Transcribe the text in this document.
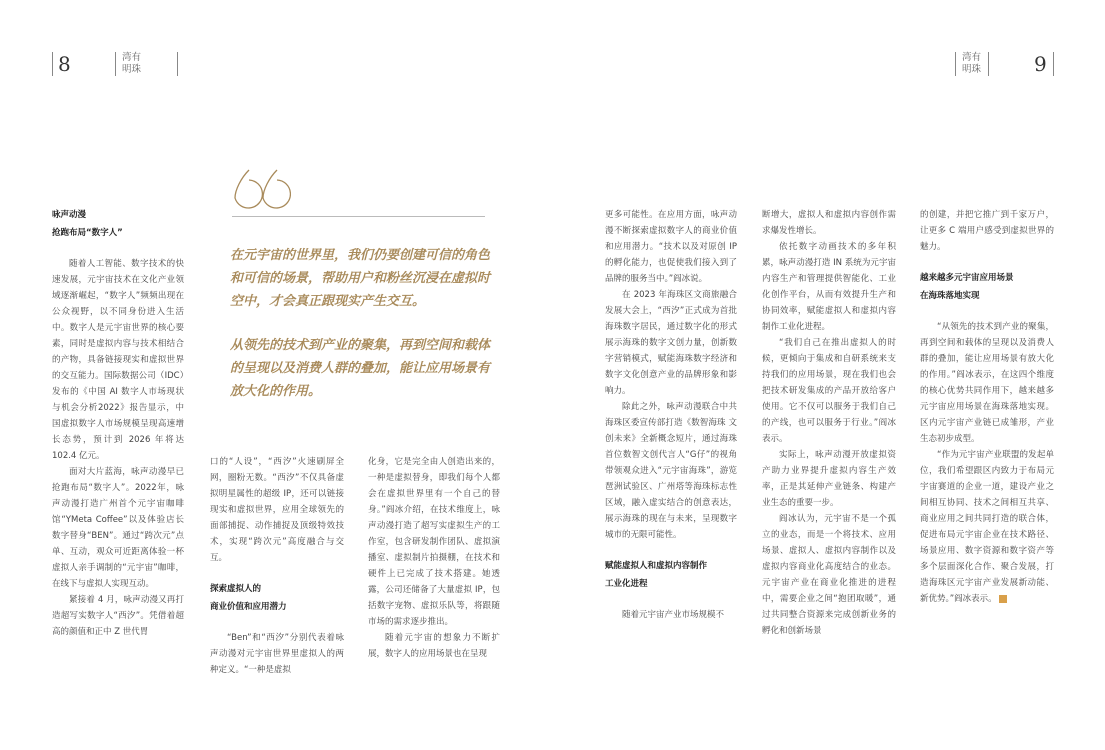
8	湾有
明珠
湾有
明珠	9

在元宇宙的世界里，我们仍要创建可信的角色和可信的场景，帮助用户和粉丝沉浸在虚拟时空中，才会真正跟现实产生交互。

从领先的技术到产业的聚集，再到空间和载体的呈现以及消费人群的叠加，能让应用场景有放大化的作用。

咏声动漫
抢跑布局“数字人”

随着人工智能、数字技术的快速发展，元宇宙技术在文化产业领域逐渐崛起，“数字人”频频出现在公众视野，以不同身份进入生活中。数字人是元宇宙世界的核心要素，同时是虚拟内容与技术相结合的产物，具备链接现实和虚拟世界的交互能力。国际数据公司（IDC）发布的《中国 AI 数字人市场现状与机会分析2022》报告显示，中国虚拟数字人市场规模呈现高速增长态势，预计到 2026 年将达 102.4 亿元。

面对大片蓝海，咏声动漫早已抢跑布局“数字人”。2022年，咏声动漫打造广州首个元宇宙咖啡馆“YMeta Coffee”以及体验店长数字替身“BEN”。通过“跨次元”点单、互动，观众可近距离体验一杯虚拟人亲手调制的“元宇宙”咖啡，在线下与虚拟人实现互动。

紧接着 4 月，咏声动漫又再打造超写实数字人“西汐”。凭借着超高的颜值和正中 Z 世代胃

口的“人设”，“西汐”火速刷屏全网，圈粉无数。“西汐”不仅具备虚拟明星属性的超级 IP，还可以链接现实和虚拟世界，应用全球领先的面部捕捉、动作捕捉及顶级特效技术，实现“跨次元”高度融合与交互。

探索虚拟人的
商业价值和应用潜力

“Ben”和“西汐”分别代表着咏声动漫对元宇宙世界里虚拟人的两种定义。“一种是虚拟

化身，它是完全由人创造出来的，一种是虚拟替身，即我们每个人都会在虚拟世界里有一个自己的替身。”阎冰介绍，在技术维度上，咏声动漫打造了超写实虚拟生产的工作室，包含研发制作团队、虚拟演播室、虚拟制片拍摄棚，在技术和硬件上已完成了技术搭建。她透露，公司还储备了大量虚拟 IP，包括数字宠物、虚拟乐队等，将跟随市场的需求逐步推出。

随着元宇宙的想象力不断扩展，数字人的应用场景也在呈现

更多可能性。在应用方面，咏声动漫不断探索虚拟数字人的商业价值和应用潜力。“技术以及对原创 IP 的孵化能力，也促使我们接入到了品牌的服务当中。”阎冰说。

在 2023 年海珠区文商旅融合发展大会上，“西汐”正式成为首批海珠数字居民，通过数字化的形式展示海珠的数字文创力量，创新数字营销模式，赋能海珠数字经济和数字文化创意产业的品牌形象和影响力。

除此之外，咏声动漫联合中共海珠区委宣传部打造《数智海珠 文创未来》全新概念短片，通过海珠首位数智文创代言人“G仔”的视角带领观众进入“元宇宙海珠”，游览琶洲试验区、广州塔等海珠标志性区域，融入虚实结合的创意表达，展示海珠的现在与未来，呈现数字城市的无限可能性。

赋能虚拟人和虚拟内容制作
工业化进程

随着元宇宙产业市场规模不

断增大，虚拟人和虚拟内容创作需求爆发性增长。

依托数字动画技术的多年积累，咏声动漫打造 IN 系统为元宇宙内容生产和管理提供智能化、工业化创作平台，从而有效提升生产和协同效率，赋能虚拟人和虚拟内容制作工业化进程。

“我们自己在推出虚拟人的时候，更倾向于集成和自研系统来支持我们的应用场景，现在我们也会把技术研发集成的产品开放给客户使用。它不仅可以服务于我们自己的产线，也可以服务于行业。”阎冰表示。

实际上，咏声动漫开放虚拟资产助力业界提升虚拟内容生产效率，正是其延伸产业链条、构建产业生态的重要一步。

阎冰认为，元宇宙不是一个孤立的业态，而是一个将技术、应用场景、虚拟人、虚拟内容制作以及虚拟内容商业化高度结合的业态。元宇宙产业在商业化推进的进程中，需要企业之间“抱团取暖”，通过共同整合资源来完成创新业务的孵化和创新场景

的创建，并把它推广到千家万户，让更多 C 端用户感受到虚拟世界的魅力。

越来越多元宇宙应用场景
在海珠落地实现

“从领先的技术到产业的聚集，再到空间和载体的呈现以及消费人群的叠加，能让应用场景有放大化的作用。”阎冰表示，在这四个维度的核心优势共同作用下，越来越多元宇宙应用场景在海珠落地实现。区内元宇宙产业链已成雏形，产业生态初步成型。

“作为元宇宙产业联盟的发起单位，我们希望跟区内致力于布局元宇宙赛道的企业一道，建设产业之间相互协同、技术之间相互共享、商业应用之间共同打造的联合体，促进布局元宇宙企业在技术路径、场景应用、数字资源和数字资产等多个层面深化合作、聚合发展，打造海珠区元宇宙产业发展新动能、新优势。”阎冰表示。	珠
